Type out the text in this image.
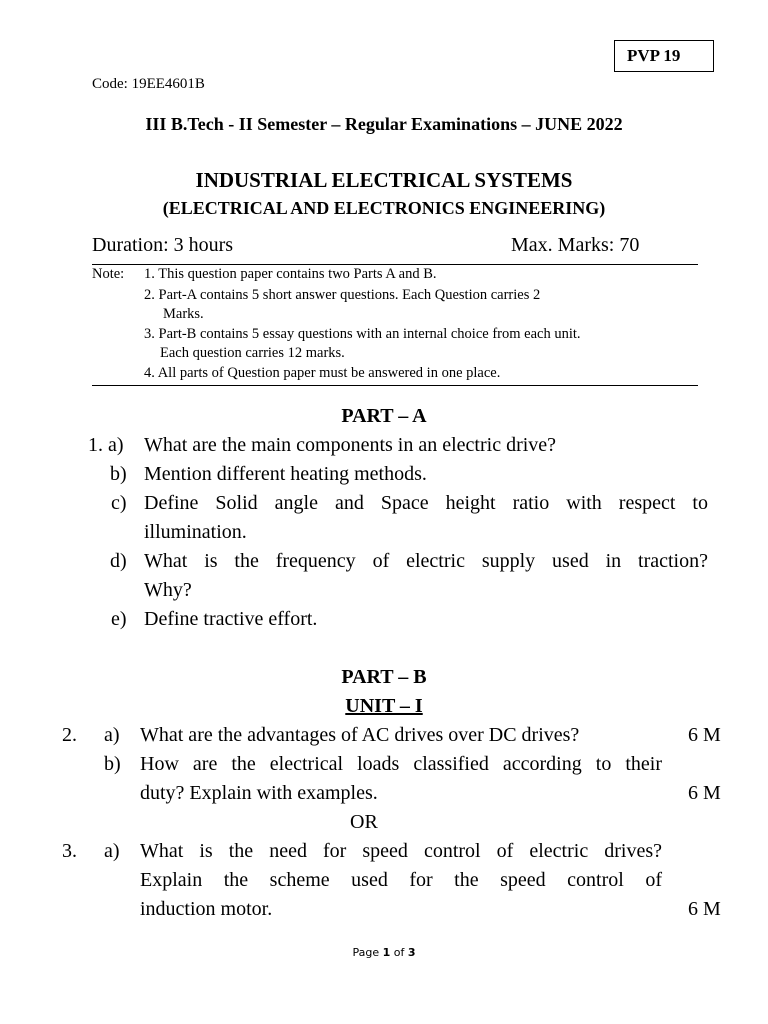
PVP 19
Code: 19EE4601B
III B.Tech - II Semester – Regular Examinations – JUNE 2022
INDUSTRIAL ELECTRICAL SYSTEMS
(ELECTRICAL AND ELECTRONICS ENGINEERING)
Duration: 3 hours	Max. Marks: 70
Note: 1. This question paper contains two Parts A and B.
2. Part-A contains 5 short answer questions. Each Question carries 2
Marks.
3. Part-B contains 5 essay questions with an internal choice from each unit.
Each question carries 12 marks.
4. All parts of Question paper must be answered in one place.
PART – A
1. a) What are the main components in an electric drive?
b) Mention different heating methods.
c) Define Solid angle and Space height ratio with respect to
illumination.
d) What is the frequency of electric supply used in traction?
Why?
e) Define tractive effort.
PART – B
UNIT – I
2. a) What are the advantages of AC drives over DC drives?	6 M
b) How are the electrical loads classified according to their
duty? Explain with examples.	6 M
OR
3. a) What is the need for speed control of electric drives?
Explain the scheme used for the speed control of
induction motor.	6 M
Page 1 of 3
